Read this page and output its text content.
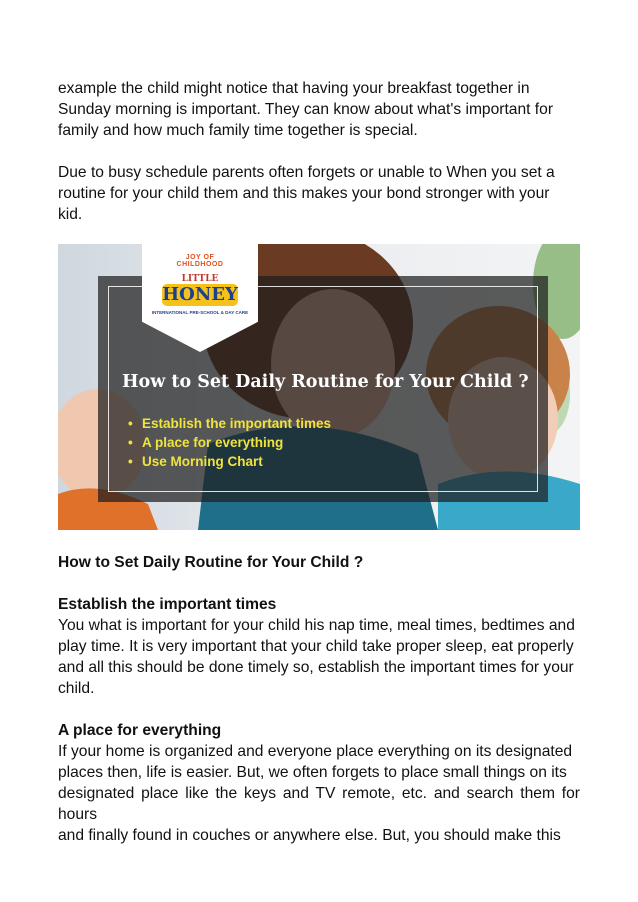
example the child might notice that having your breakfast together in

Sunday morning is important. They can know about what's important for

family and how much family time together is special.

Due to busy schedule parents often forgets or unable to When you set a

routine for your child them and this makes your bond stronger with your

kid.

JOY OF CHILDHOOD
LITTLE
HONEY
INTERNATIONAL PRE-SCHOOL & DAY CARE
How to Set Daily Routine for Your Child ?
• Establish the important times
• A place for everything
• Use Morning Chart

How to Set Daily Routine for Your Child ?

Establish the important times

You what is important for your child his nap time, meal times, bedtimes and

play time. It is very important that your child take proper sleep, eat properly

and all this should be done timely so, establish the important times for your

child.

A place for everything

If your home is organized and everyone place everything on its designated

places then, life is easier. But, we often forgets to place small things on its

designated place like the keys and TV remote, etc. and search them for hours

and finally found in couches or anywhere else. But, you should make this
